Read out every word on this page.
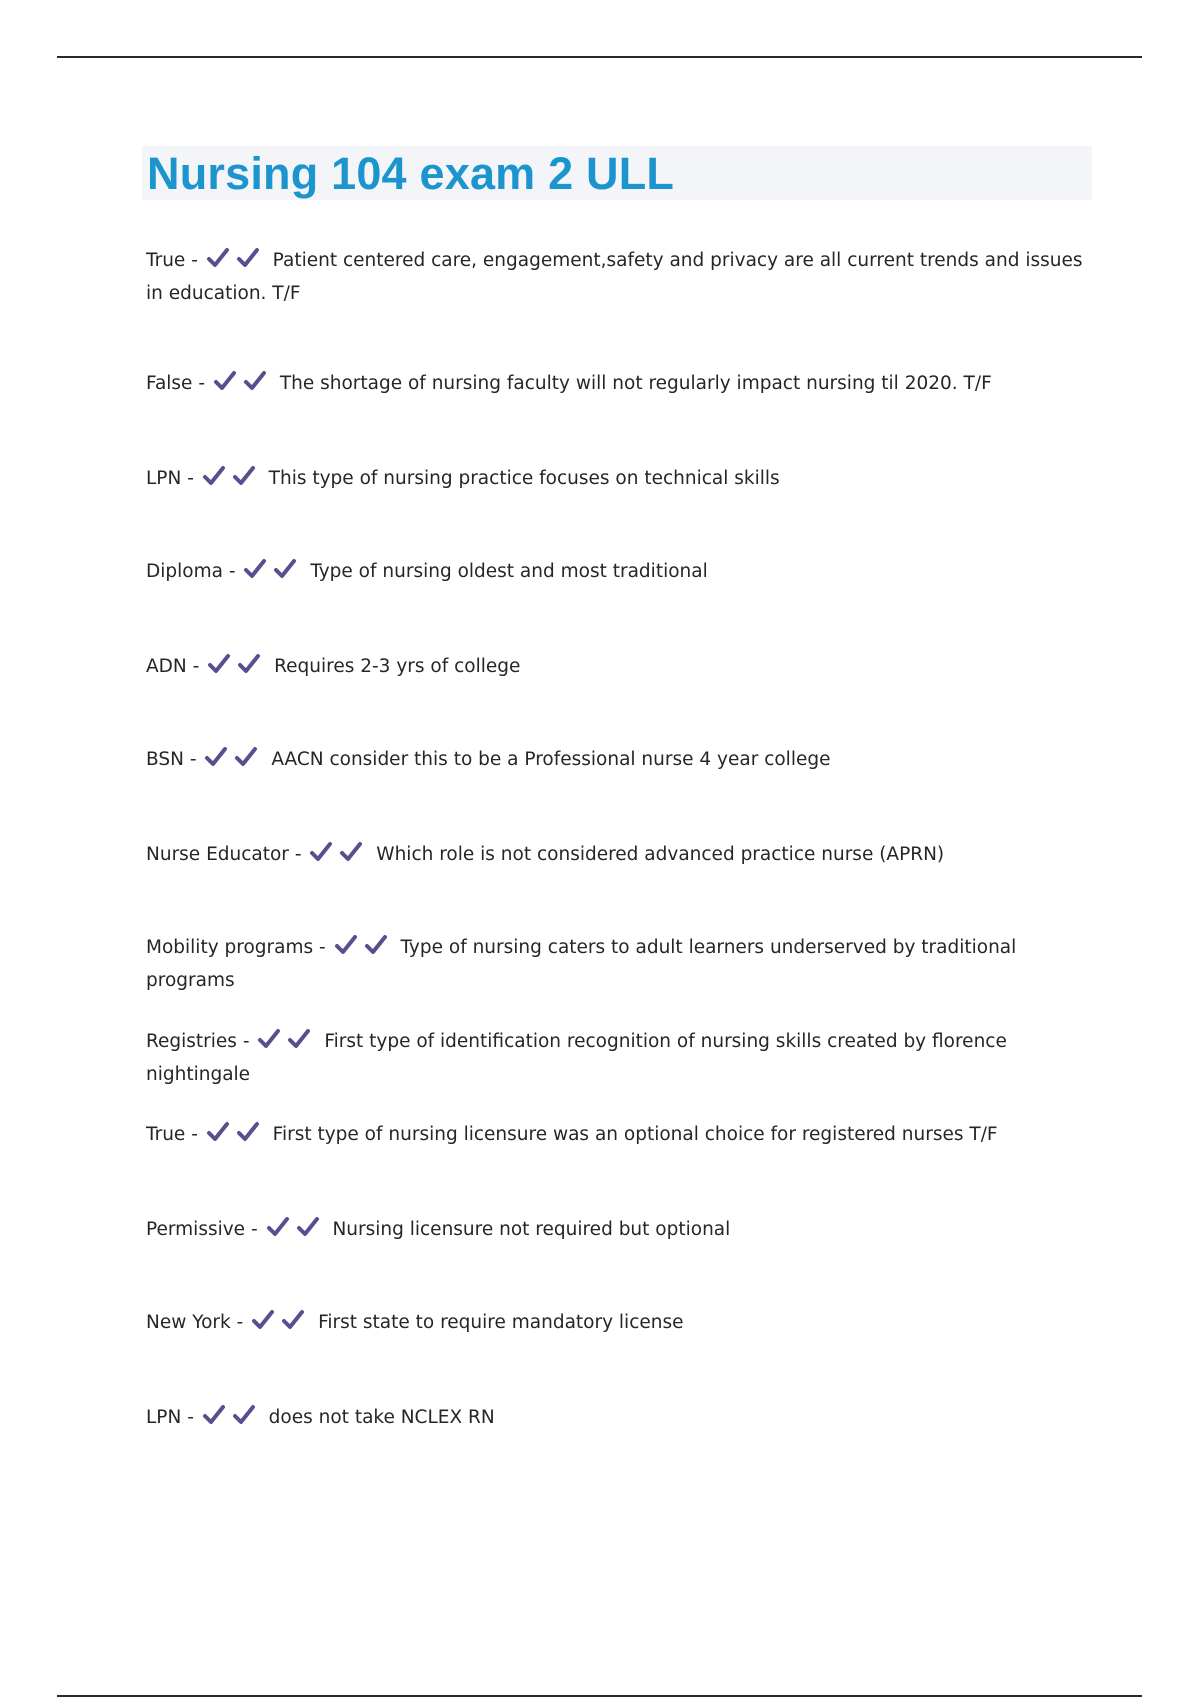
Nursing 104 exam 2 ULL
True -	Patient centered care, engagement,safety and privacy are all current trends and issues in education. T/F
False -	The shortage of nursing faculty will not regularly impact nursing til 2020. T/F
LPN -	This type of nursing practice focuses on technical skills
Diploma -	Type of nursing oldest and most traditional
ADN -	Requires 2-3 yrs of college
BSN -	AACN consider this to be a Professional nurse 4 year college
Nurse Educator -	Which role is not considered advanced practice nurse (APRN)
Mobility programs -	Type of nursing caters to adult learners underserved by traditional programs
Registries -	First type of identification recognition of nursing skills created by florence nightingale
True -	First type of nursing licensure was an optional choice for registered nurses T/F
Permissive -	Nursing licensure not required but optional
New York -	First state to require mandatory license
LPN -	does not take NCLEX RN
